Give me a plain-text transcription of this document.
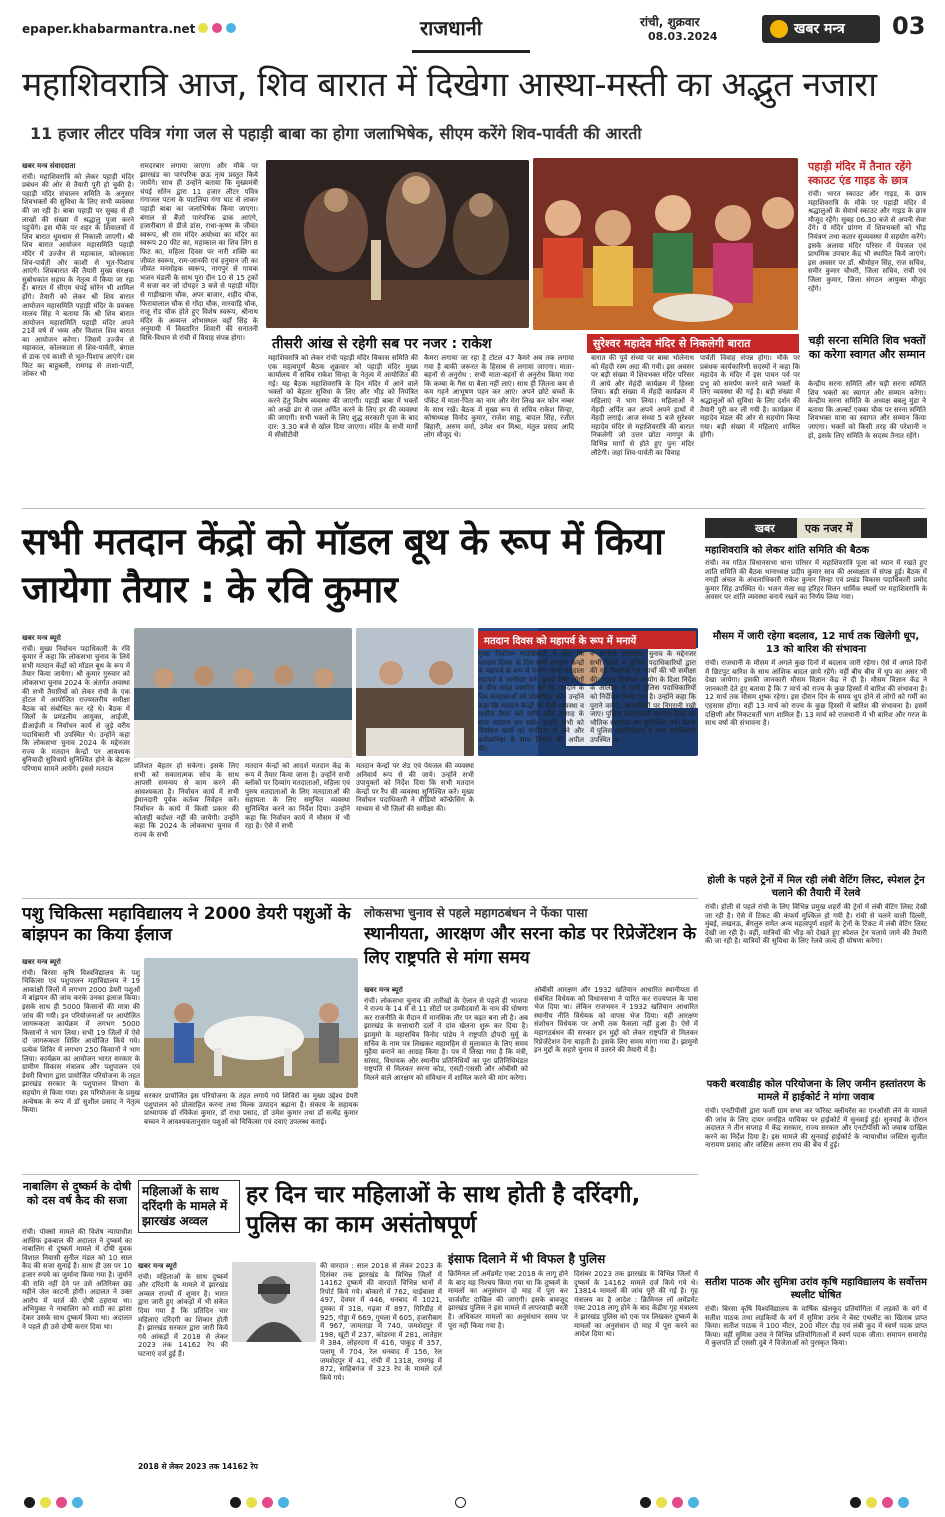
epaper.khabarmantra.net	राजधानी	रांची, शुक्रवार
08.03.2024	खबर मन्त्र 03
महाशिवरात्रि आज, शिव बारात में दिखेगा आस्था-मस्ती का अद्भुत नजारा
11 हजार लीटर पवित्र गंगा जल से पहाड़ी बाबा का होगा जलाभिषेक, सीएम करेंगे शिव-पार्वती की आरती
खबर मन्त्र संवाददाता

रांची। महाशिवरात्रि को लेकर पहाड़ी मंदिर प्रबंधन की ओर से तैयारी पूरी हो चुकी है। पहाड़ी मंदिर संचालन समिति के अनुसार शिवभक्तों की सुविधा के लिए सभी व्यवस्था की जा रही है। बाबा पहाड़ी पर सुबह से ही लाखों की संख्या में श्रद्धालु पूजा करने पहुंचेंगे। इस मौके पर शहर के शिवालयों में शिव बारात धूमधाम से निकाली जाएगी। श्री शिव बारात आयोजन महासमिति पहाड़ी मंदिर में उज्जैन से महाकाल, कोलकाता शिव-पार्वती और काशी से भूत-पिशाच आएंगे। शिवबारात की तैयारी मुख्य संरक्षक सुबोधकांत सहाय के नेतृत्व में किया जा रहा है। बारात में सीएम चंपई सोरेन भी शामिल होंगे। तैयारी को लेकर श्री शिव बारात आयोजन महासमिति पहाड़ी मंदिर के प्रवक्ता मालय सिंह ने बताया कि श्री शिव बारात आयोजन महासमिति पहाड़ी मंदिर अपने 21वें वर्ष में भव्य और विशाल शिव बारात का आयोजन करेगा। जिसमें उज्जैन से महाकाल, कोलकाता से शिव-पार्वती, बंगाल से डाक एवं काशी से भूत-पिशाच आएंगे। दस फिट का बाहुबली, रामगढ़ से ताशा-पार्टी, जोकर भी

रामदरबार लगाया जाएगा और मौके पर झारखंड का पारंपरिक छऊ नृत्य प्रस्तुत किये जायेंगे। साथ ही उन्होंने बताया कि मुख्यमंत्री चंपई सोरेन द्वारा 11 हजार लीटर पवित्र गंगाजल पटना के पाटलिया गंगा घाट से लाकर पहाड़ी बाबा का जलाभिषेक किया जाएगा। बंगाल से बैंजो पारंपरिक ढाक आएंगे, हजारीबाग से डीजे डांस, राधा-कृष्ण के जीवंत स्वरूप, श्री राम मंदिर अयोध्या का मंदिर का स्वरूप 20 फीट का, महाकाल का शिव लिंग 8 फिट का, महिला दिवस पर नारी शक्ति का जीवंत स्वरूप, राम-जानकी एवं हनुमान जी का जीवंत मनमोहक स्वरूप, नागपुर से गायक भजन मंडली के साथ पूरा दीन 10 से 15 ट्रकों में सजा कर जो दोपहर 3 बजे से पहाड़ी मंदिर से गाड़ीखाना चौक, अपर बाजार, शहीद चौक, फिरायालाल चौक से गोंदा चौक, मारवाड़ि चौक, राजू रोड चौक होते हुए विशेष स्वरूप, श्रीनाथ मंदिर के अव्यन्त शोभास्थल वहाँ सिंह के अनुयायी में विस्तारित शिवारी की सनातनी विधि-विधान से रांची में विवाह संपन्न होगा।	तीसरी आंख से रहेगी सब पर नजर : राकेश	सुरेश्वर महादेव मंदिर से निकलेगी बारात

महाशिवरात्रि को लेकर रांची पहाड़ी मंदिर विकास समिति की एक महत्वपूर्ण बैठक शुक्रवार को पहाड़ी मंदिर मुख्य कार्यालय में सचिव राकेश सिन्हा के नेतृत्व में आयोजित की गई। यह बैठक महाशिवरात्रि के दिन मंदिर में आने वाले भक्तों को बेहतर सुविधा के लिए और भीड़ को नियंत्रित करने हेतु विशेष व्यवस्था की जाएगी। पहाड़ी बाबा में भक्तों को अच्छे ढंग से जल अर्पित करने के लिए हर की व्यवस्था की जाएगी। सभी भक्तों के लिए शुद्ध सरकारी पूजा के बाद दार: 3.30 बजे से खोल दिया जाएगा। मंदिर के सभी मार्गों में सीसीटीवी

कैमरा लगाया जा रहा है टोटल 47 कैमरे अब तक लगाया गया है बाकी जरूरत के हिसाब से लगाया जाएगा। माता-बहनों से अनुरोध : सभी माता-बहनों से अनुरोध किया गया कि कम्बा के गैस या बैला नहीं लाएं। साथ ही जितना कम से कम गहने आभूषण पहन कर आएं। अपने छोटे बच्चों के पॉकेट में माता-पिता का नाम और मेरा लिख कर फोन नम्बर के साथ रखें। बैठक में मुख्य रूप से सचिव राकेश सिन्हा, कोषाध्यक्ष विनोद कुमार, राजेश साहू, बादल सिंह, रंजीत बिहारी, अरुण वर्मा, उमेश धन मिश्रा, मंतुल प्रसाद आदि लोग मौजूद थे।

बारात की पूर्व संध्या पर बाबा भोलेनाथ को मेंहदी रस्म अदा की गयी। इस अवसर पर बड़ी संख्या में शिवभक्त मंदिर परिसर में आये और मेहंदी कार्यक्रम में हिस्सा लिया। बड़ी संख्या में मेंहदी कार्यक्रम में महिलाएं ने भाग लिया। महिलाओं ने मेंहदी अर्पित कर अपने अपने हाथों में मेंहदी लगाई। आज संध्या 5 बजे सुरेश्वर महादेव मंदिर से महाशिवरात्रि की बारात निकलेगी जो उत्तर छोटा नागपुर के विभिन्न मार्गों से होते हुए पुनः मंदिर लौटेगी। जहां शिव-पार्वती का विवाह

पार्वती विवाह संपन्न होगा। मौके पर प्रबंधक कार्यकारिणी सदस्यों ने कहा कि महादेव के मंदिर में इस पावन पर्व पर प्रभु को समर्पण करने वाले भक्तों के लिए व्यवस्था की गई है। बड़ी संख्या में श्रद्धालुओं को सुविधा के लिए दर्शन की तैयारी पूरी कर ली गयी है। कार्यक्रम में महादेव मंडल की ओर से सहयोग किया गया। बड़ी संख्या में महिलाएं शामिल होंगी।

पहाड़ी मंदिर में तैनात रहेंगे स्काउट एंड गाइड के छात्र

रांची। भारत स्काउट और गाइड, के छात्र महाशिवरात्रि के मौके पर पहाड़ी मंदिर में श्रद्धालुओं के सेवार्थ स्काउट और गाइड के छात्र मौजूद रहेंगे। सुबह 06.30 बजे से अपनी सेवा देंगे। ये मंदिर प्रांगण में शिवभक्तों को भीड़ नियंत्रण तथा कतार सुव्यवस्था में सहयोग करेंगे। इसके अलावा मंदिर परिसर में पेयजल एवं प्राथमिक उपचार केंद्र भी स्थापित किये जाएंगे। इस अवसर पर डॉ. श्रीमोहन सिंह, राज सचिव, समीर कुमार चौधरी, जिला सचिव, रांची एवं जिला कुमार, जिला संगठन आयुक्त मौजूद रहेंगे।

चड़ी सरना समिति शिव भक्तों का करेगा स्वागत और सम्मान

केन्द्रीय सरना समिति और चड़ी सरना समिति शिव भक्तों का स्वागत और सम्मान करेगा। केन्द्रीय सरना समिति के अध्यक्ष बबलू मुंडा ने बताया कि अल्बर्ट एक्का चौक पर सरना समिति शिवभक्त यात्रा का स्वागत और सम्मान किया जाएगा। भक्तों को किसी तरह की परेशानी न हो, इसके लिए समिति के सदस्य तैनात रहेंगे।

सभी मतदान केंद्रों को मॉडल बूथ के रूप में किया जायेगा तैयार : के रवि कुमार
मतदान दिवस को महापर्व के रूप में मनायें
खबर मन्त्र ब्यूरो

रांची। मुख्य निर्वाचन पदाधिकारी के रवि कुमार ने कहा कि लोकसभा चुनाव के लिये सभी मतदान केंद्रों को मॉडल बूथ के रूप में तैयार किया जायेगा। श्री कुमार गुरुवार को लोकसभा चुनाव 2024 के अंतर्गत अवस्था की सभी तैयारियों को लेकर रांची के एक होटल में आयोजित राज्यस्तरीय समीक्षा बैठक को संबोधित कर रहे थे। बैठक में जिलों के प्रमंडलीय आयुक्त, आईजी, डीआईजी व निर्वाचन कार्य से जुड़े वरीय पदाधिकारी भी उपस्थित थे। उन्होंने कहा कि लोकसभा चुनाव 2024 के मद्देनजर राज्य के मतदान केन्द्रों पर आवश्यक बुनियादी सुविधायें सुनिश्चित होने के बेहतर परिणाम सामने आयेंगे। इससे मतदान	प्रतिशत बेहतर हो सकेगा। इसके लिए सभी को सकारात्मक सोच के साथ आपसी समन्वय से काम करने की आवश्यकता है। निर्वाचन कार्य में सभी ईमानदारी पूर्वक कर्तव्य निर्वहन करें। निर्वाचन के कार्य में किसी प्रकार की कोताही बर्दाश्त नहीं की जायेगी। उन्होंने कहा कि 2024 के लोकसभा चुनाव में राज्य के सभी

मतदान केन्द्रों को आदर्श मतदान केंद्र के रूप में तैयार किया जाना है। उन्होंने सभी ब्लॉकों पर दिव्यांग मतदाताओं, महिला एवं पुरुष मतदाताओं के लिए मतदाताओं की सहायता के लिए समुचित व्यवस्था सुनिश्चित करने का निर्देश दिया। उन्होंने कहा कि निर्वाचन कार्य में मौसम में भी रहा है। ऐसे में सभी

मतदान केन्द्रों पर शेड एवं पेयजल की व्यवस्था अनिवार्य रूप से की जाये। उन्होंने सभी उपायुक्तों को निर्देश दिया कि सभी मतदान केन्द्रों पर रैंप की व्यवस्था सुनिश्चित करें। मुख्य निर्वाचन पदाधिकारी ने वीडियो कॉन्फ्रेंसिंग के माध्यम से भी जिलों की समीक्षा की।

मुख्य निर्वाचन पदाधिकारी ने कहा कि मतदान दिवस के दिन सभी मतदान केन्द्रों के महापर्व के रूप में मनाएं। सभी मतदाता महापर्व में भागीदार बनें। इसके लिए लोगों के बीच संदेश प्रसारित करें कि मतदान के दिन मतदाताओं को प्रोत्साहित करें। उन्होंने कहा कि मतदान केन्द्रों पर ऐसी व्यवस्था व माहौल तैयार करें ताकि लोग उत्साह के साथ मतदान कर सकें। उन्होंने सभी को निर्वाचन कार्य को गंभीरता से लेने और कर्तव्यनिष्ठा के साथ निभाने की अपील की।

ने आगामी लोकसभा चुनाव के मद्देनजर सभी जिलों में पुलिस पदाधिकारियों द्वारा की गई तैयारियों एवं कार्यों की भी समीक्षा की। भारत निर्वाचन आयोग के दिशा निर्देश के आलोक में सभी पुलिस पदाधिकारियों को निर्देशित किया गया है। उन्होंने कहा कि पुराने वारंटों, अपराधियों पर निगरानी रखी जाए। पुलिस पदाधिकारी मतदान केन्द्रों का भौतिक सत्यापन कर सुनिश्चित करें। बैठक में पुलिस महानिरीक्षक व अन्य पदाधिकारी उपस्थित थे।

खबर	एक नजर में
महाशिवरात्रि को लेकर शांति समिति की बैठक
रांची। नव गठित विधानसभा थाना परिसर में महाशिवरात्रि पूजा को ध्यान में रखते हुए शांति समिति की बैठक थानाध्यक्ष प्रदीप कुमार साव की अध्यक्षता में संपन्न हुई। बैठक में नगड़ी अंचल के अंचलाधिकारी राकेश कुमार सिन्हा एवं प्रखंड विकास पदाधिकारी प्रमोद कुमार सिंह उपस्थित थे। भजन मेला सह हरिहर मिलन धार्मिक स्थलों पर महाशिवरात्रि के अवसर पर शांति व्यवस्था बनाये रखने का निर्णय लिया गया।
मौसम में जारी रहेगा बदलाव, 12 मार्च तक खिलेगी धूप, 13 को बारिश की संभावना
रांची। राजधानी के मौसम में अगले कुछ दिनों में बदलाव जारी रहेगा। ऐसे में अगले दिनों में छिटपुट बारिश के साथ आंशिक बादल छाये रहेंगे। वहीं बीच बीच में धूप का असर भी देखा जायेगा। इसकी जानकारी मौसम विज्ञान केंद्र ने दी है। मौसम विज्ञान केंद्र ने जानकारी देते हुए बताया है कि 7 मार्च को राज्य के कुछ हिस्सों में बारिश की संभावना है। 12 मार्च तक मौसम शुष्क रहेगा। इस दौरान दिन के समय धूप होने से लोगों को गर्मी का एहसास होगा। वहीं 13 मार्च को राज्य के कुछ हिस्सों में बारिश की संभावना है। इसमें दक्षिणी और निकटवर्ती भाग शामिल हैं। 13 मार्च को राजधानी में भी बारिश और गरज के साथ वर्षा की संभावना है।
होली के पहले ट्रेनों में मिल रही लंबी वेटिंग लिस्ट, स्पेशल ट्रेन चलाने की तैयारी में रेलवे
रांची। होली से पहले रांची के लिए विभिन्न प्रमुख शहरों की ट्रेनों में लंबी वेटिंग लिस्ट देखी जा रही है। ऐसे में टिकट की कंफर्म मुश्किल हो गयी है। रांची से चलने वाली दिल्ली, मुंबई, लखनऊ, बेंगलुरु समेत अन्य महत्वपूर्ण शहरों के ट्रेनों के टिकट में लंबी वेटिंग लिस्ट देखी जा रही है। वहीं, यात्रियों की भीड़ को देखते हुए स्पेशल ट्रेन चलाये जाने की तैयारी की जा रही है। यात्रियों की सुविधा के लिए रेलवे जल्द ही घोषणा करेगा।
पकरी बरवाडीह कोल परियोजना के लिए जमीन हस्तांतरण के मामले में हाईकोर्ट ने मांगा जवाब
रांची। एनटीपीसी द्वारा फर्जी ग्राम सभा कर फॉरेस्ट क्लीयरेंस का एनओसी लेने के मामले की जांच के लिए दायर जनहित याचिका पर हाईकोर्ट में सुनवाई हुई। सुनवाई के दौरान अदालत ने तीन सप्ताह में केंद्र सरकार, राज्य सरकार और एनटीपीसी को जवाब दाखिल करने का निर्देश दिया है। इस मामले की सुनवाई हाईकोर्ट के न्यायाधीश जस्टिस सुजीत नारायण प्रसाद और जस्टिस अरुण राय की बेंच में हुई।
सतीश पाठक और सुमित्रा उरांव कृषि महाविद्यालय के सर्वोत्तम स्थलीट घोषित
रांची। बिरसा कृषि विश्वविद्यालय के वार्षिक खेलकूद प्रतियोगिता में लड़कों के वर्ग में सतीश पाठक तथा लड़कियों के वर्ग में सुमित्रा उरांव ने बेस्ट एथलीट का खिताब प्राप्त किया। सतीश पाठक ने 100 मीटर, 200 मीटर दौड़ एवं लंबी कूद में स्वर्ण पदक प्राप्त किया। वहीं सुमित्रा उरांव ने विभिन्न प्रतियोगिताओं में स्वर्ण पदक जीता। समापन समारोह में कुलपति डॉ एससी दुबे ने विजेताओं को पुरस्कृत किया।
पशु चिकित्सा महाविद्यालय ने 2000 डेयरी पशुओं के बांझपन का किया ईलाज
खबर मन्त्र ब्यूरो

रांची। बिरसा कृषि विश्वविद्यालय के पशु चिकित्सा एवं पशुपालन महाविद्यालय ने 19 आकांक्षी जिलों में लगभग 2000 डेयरी पशुओं में बांझपन की जांच करके उनका इलाज किया। इसके साथ ही 5000 किसानों की मात्रा की जांच की गयी। इन परियोजनाओं पर आयोजित जागरूकता कार्यक्रम में लगभग 5000 किसानों ने भाग लिया। सभी 19 जिलों में ऐसे दो जागरूकता शिविर आयोजित किये गये। प्रत्येक शिविर में लगभग 250 किसानों ने भाग लिया। कार्यक्रम का आयोजन भारत सरकार के ग्रामीण विकास मंत्रालय और पशुपालन एवं डेयरी विभाग द्वारा प्रायोजित परियोजना के तहत झारखंड सरकार के पशुपालन विभाग के सहयोग से किया गया। इस परियोजना के प्रमुख अन्वेषक के रूप में डॉ सुशील प्रसाद ने नेतृत्व किया।

सरकार प्रायोजित इस परियोजना के तहत लगाये गये शिविरों का मुख्य उद्देश्य डेयरी पशुपालन को प्रोत्साहित करना तथा मिल्क उत्पादन बढ़ाना है। संकाय के सहायक प्राध्यापक डॉ रविकेश कुमार, डॉ राधा प्रसाद, डॉ उमेश कुमार तथा डॉ सत्येंद्र कुमार बच्चन ने आवश्यकतानुसार पशुओं को चिकित्सा एवं दवाएं उपलब्ध कराई।

लोकसभा चुनाव से पहले महागठबंधन ने फेंका पासा
स्थानीयता, आरक्षण और सरना कोड पर रिप्रेजेंटेशन के लिए राष्ट्रपति से मांगा समय
खबर मन्त्र ब्यूरो

रांची। लोकसभा चुनाव की तारीखों के ऐलान से पहले ही भाजपा ने राज्य के 14 में से 11 सीटों पर उम्मीदवारों के नाम की घोषणा कर राजनीति के मैदान में मानसिक तौर पर बढ़त बना ली है। अब झारखंड के सत्ताधारी दलों ने दांव खेलना शुरू कर दिया है। झामुमो के महासचिव विनोद पांडेय ने राष्ट्रपति द्रौपदी मुर्मू के सचिव के नाम पत्र लिखकर महामहिम से मुलाकात के लिए समय मुहैया कराने का आग्रह किया है। पत्र में लिखा गया है कि मंत्री, सांसद, विधायक और स्थानीय प्रतिनिधियों का पूरा प्रतिनिधिमंडल राष्ट्रपति से मिलकर सरना कोड, एसटी-एससी और ओबीसी को मिलने वाले आरक्षण को संविधान में शामिल करने की मांग करेगा।

ओबीसी आरक्षण और 1932 खतियान आधारित स्थानीयता से संबंधित विधेयक को विधानसभा ने पारित कर राज्यपाल के पास भेज दिया था। लेकिन राजभवन ने 1932 खतियान आधारित स्थानीय नीति विधेयक को वापस भेज दिया। वहीं आरक्षण संशोधन विधेयक पर अभी तक फैसला नहीं हुआ है। ऐसे में महागठबंधन की सरकार इन मुद्दों को लेकर राष्ट्रपति से मिलकर रिप्रेजेंटेशन देना चाहती है। इसके लिए समय मांगा गया है। झामुमो इन मुद्दों के सहारे चुनाव में उतरने की तैयारी में है।

नाबालिग से दुष्कर्म के दोषी को दस वर्ष कैद की सजा

रांची। पोक्सो मामले की विशेष न्यायाधीश आसिफ इकबाल की अदालत ने दुष्कर्म का नाबालिग से दुष्कर्म मामले में दोषी युवक विशाल निवासी सुनील मंडल को 10 साल कैद की सजा सुनाई है। साथ ही उस पर 10 हजार रुपये का जुर्माना किया गया है। जुर्माने की राशि नहीं देने पर उसे अतिरिक्त छह महीने जेल काटनी होगी। अदालत ने उक्त आरोप में चार्ज की दोषी ठहराया था। अभियुक्त ने नाबालिग को शादी का झांसा देकर उसके साथ दुष्कर्म किया था। अदालत ने पहले ही उसे दोषी करार दिया था।

महिलाओं के साथ दरिंदगी के मामले में झारखंड अव्वल
हर दिन चार महिलाओं के साथ होती है दरिंदगी, पुलिस का काम असंतोषपूर्ण
इंसाफ दिलाने में भी विफल है पुलिस
खबर मन्त्र ब्यूरो

रांची। महिलाओं के साथ दुष्कर्म और दरिंदगी के मामले में झारखंड अव्वल राज्यों में शुमार है। भारत द्वारा जारी हुए आंकड़ों में भी संकेत दिया गया है कि प्रतिदिन चार महिलाएं दरिंदगी का शिकार होती हैं। झारखंड सरकार द्वारा जारी किये गये आंकड़ों में 2018 से लेकर 2023 तक 14162 रेप की घटनाएं दर्ज हुई हैं।

2018 से लेकर 2023 तक 14162 रेप

की वारदात : साल 2018 से लेकर 2023 के दिसंबर तक झारखंड के विभिन्न जिलों में 14162 दुष्कर्म की वारदातें विभिन्न थानों में रिपोर्ट किये गये। बोकारो में 762, चाईबासा में 497, देवघर में 446, धनबाद में 1021, दुमका में 318, गढ़वा में 897, गिरिडीह में 925, गोड्डा में 669, गुमला में 605, हजारीबाग में 967, जामताड़ा में 740, जमशेदपुर में 198, खूंटी में 237, कोडरमा में 281, लातेहार में 384, लोहरदगा में 416, पाकुड़ में 357, पलामू में 704, रेल धनबाद में 156, रेल जमशेदपुर में 41, रांची में 1318, रामगढ़ में 872, साहिबगंज में 323 रेप के मामले दर्ज किये गये।

क्रिमिनल लॉ अमेंडमेंट एक्ट 2018 के लागू होने के बाद यह निश्चय किया गया था कि दुष्कर्म के मामलों का अनुसंधान दो माह में पूरा कर चार्जशीट दाखिल की जाएगी। इसके बावजूद झारखंड पुलिस ने इस मामले में लापरवाही बरती है। अधिकतर मामलों का अनुसंधान समय पर पूरा नहीं किया गया है।

दिसंबर 2023 तक झारखंड के विभिन्न जिलों में दुष्कर्म के 14162 मामले दर्ज किये गये थे। 13814 मामलों की जांच पूरी की गई है। गृह मंत्रालय का है आदेश : क्रिमिनल लॉ अमेंडमेंट एक्ट 2018 लागू होने के बाद केंद्रीय गृह मंत्रालय ने झारखंड पुलिस को एक पत्र लिखकर दुष्कर्म के मामलों का अनुसंधान दो माह में पूरा करने का आदेश दिया था।
